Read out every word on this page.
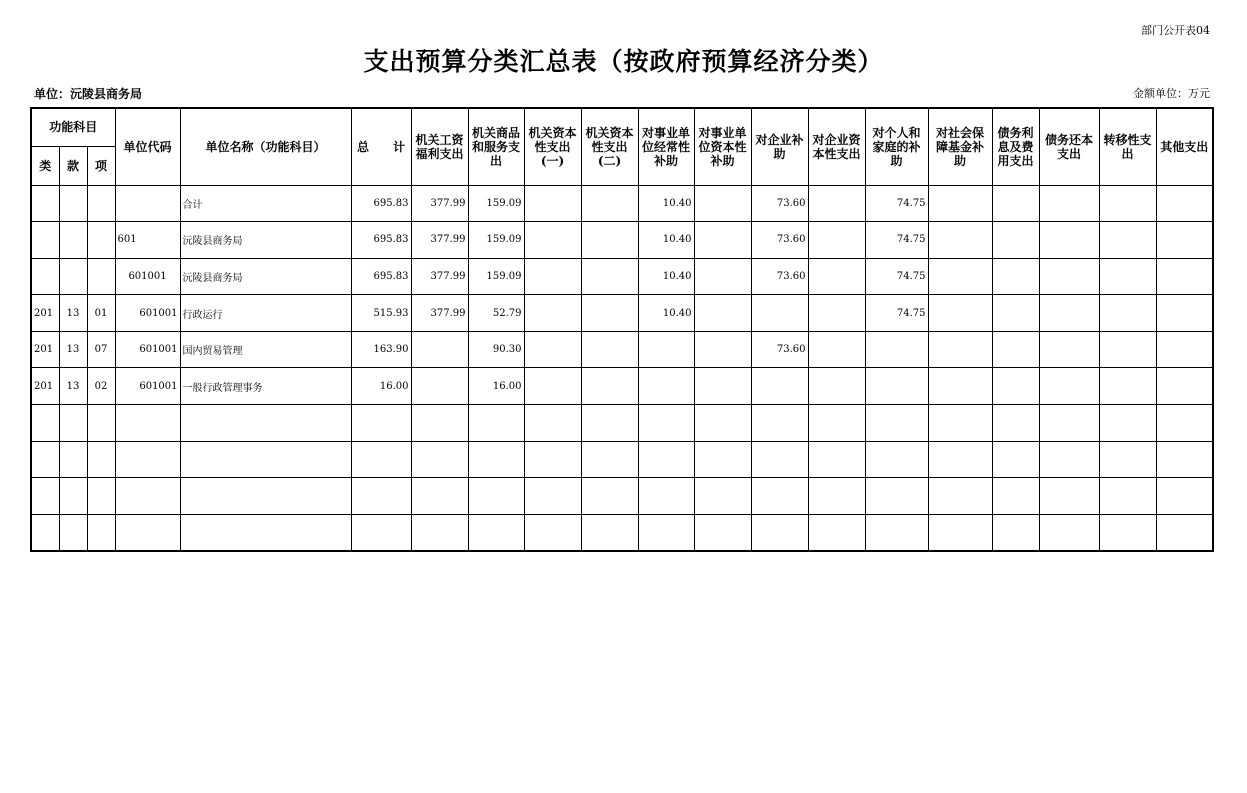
部门公开表04
支出预算分类汇总表（按政府预算经济分类）
单位：沅陵县商务局	金额单位：万元
功能科目			单位代码	单位名称（功能科目）	总　　计	机关工资福利支出	机关商品和服务支出	机关资本性支出(一)	机关资本性支出(二)	对事业单位经常性补助	对事业单位资本性补助	对企业补助	对企业资本性支出	对个人和家庭的补助	对社会保障基金补助	债务利息及费用支出	债务还本支出	转移性支出	其他支出
类	款	项																	
				合计	695.83	377.99	159.09			10.40		73.60		74.75					
			601	沅陵县商务局	695.83	377.99	159.09			10.40		73.60		74.75					
			601001	沅陵县商务局	695.83	377.99	159.09			10.40		73.60		74.75					
201	13	01	601001	行政运行	515.93	377.99	52.79			10.40				74.75					
201	13	07	601001	国内贸易管理	163.90		90.30					73.60							
201	13	02	601001	一般行政管理事务	16.00		16.00												
